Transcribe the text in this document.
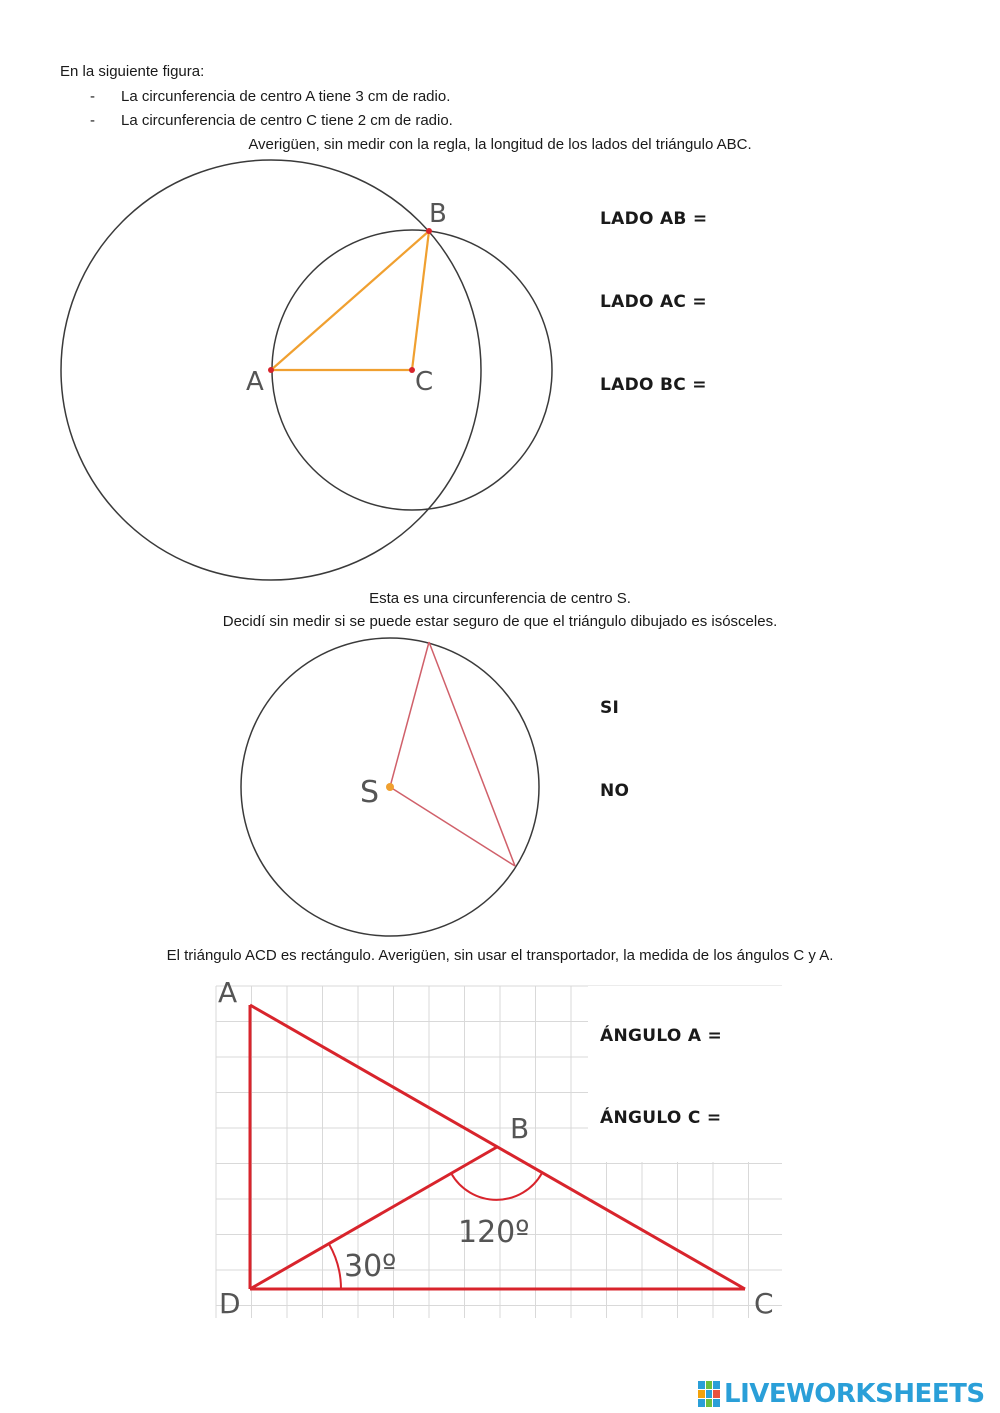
En la siguiente figura:
- La circunferencia de centro A tiene 3 cm de radio.
- La circunferencia de centro C tiene 2 cm de radio.
Averigüen, sin medir con la regla, la longitud de los lados del triángulo ABC.
A	C
B	LADO AB =
LADO AC =
LADO BC =
Esta es una circunferencia de centro S.
Decidí sin medir si se puede estar seguro de que el triángulo dibujado es isósceles.
S
SI
NO
El triángulo ACD es rectángulo. Averigüen, sin usar el transportador, la medida de los ángulos C y A.
A
B
C
D
120º
30º
ÁNGULO A =
ÁNGULO C =
LIVEWORKSHEETS
